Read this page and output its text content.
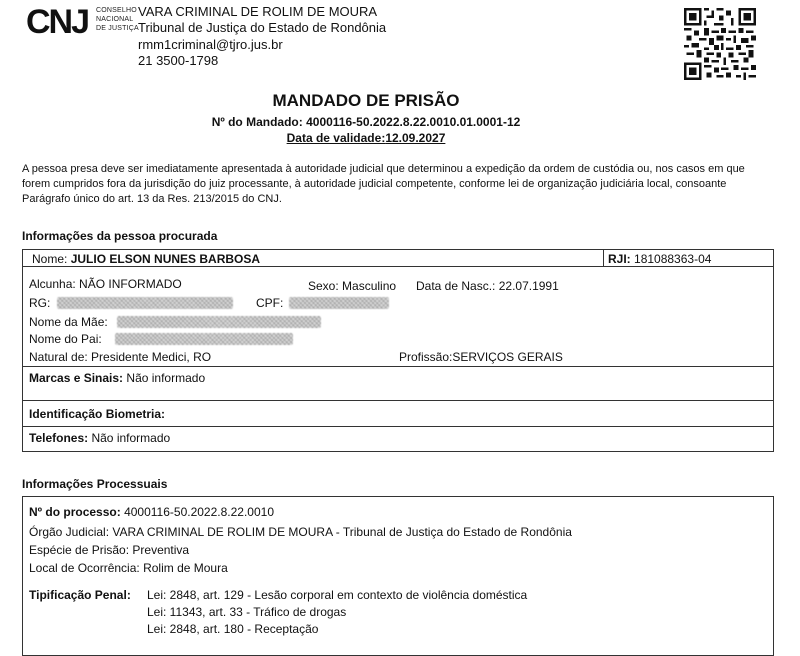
CNJ CONSELHO
NACIONAL
DE JUSTIÇA
VARA CRIMINAL DE ROLIM DE MOURA
Tribunal de Justiça do Estado de Rondônia
rmm1criminal@tjro.jus.br
21 3500-1798
MANDADO DE PRISÃO
Nº do Mandado: 4000116-50.2022.8.22.0010.01.0001-12
Data de validade:12.09.2027
A pessoa presa deve ser imediatamente apresentada à autoridade judicial que determinou a expedição da ordem de custódia ou, nos casos em que forem cumpridos fora da jurisdição do juiz processante, à autoridade judicial competente, conforme lei de organização judiciária local, consoante Parágrafo único do art. 13 da Res. 213/2015 do CNJ.
Informações da pessoa procurada
Nome: JULIO ELSON NUNES BARBOSA	RJI: 181088363-04
Alcunha: NÃO INFORMADO	Sexo: Masculino Data de Nasc.: 22.07.1991
RG:	CPF:
Nome da Mãe:
Nome do Pai:
Natural de: Presidente Medici, RO	Profissão:SERVIÇOS GERAIS
Marcas e Sinais: Não informado
Identificação Biometria:
Telefones: Não informado
Informações Processuais
Nº do processo: 4000116-50.2022.8.22.0010
Órgão Judicial: VARA CRIMINAL DE ROLIM DE MOURA - Tribunal de Justiça do Estado de Rondônia
Espécie de Prisão: Preventiva
Local de Ocorrência: Rolim de Moura
Tipificação Penal: Lei: 2848, art. 129 - Lesão corporal em contexto de violência doméstica
Lei: 11343, art. 33 - Tráfico de drogas
Lei: 2848, art. 180 - Receptação
